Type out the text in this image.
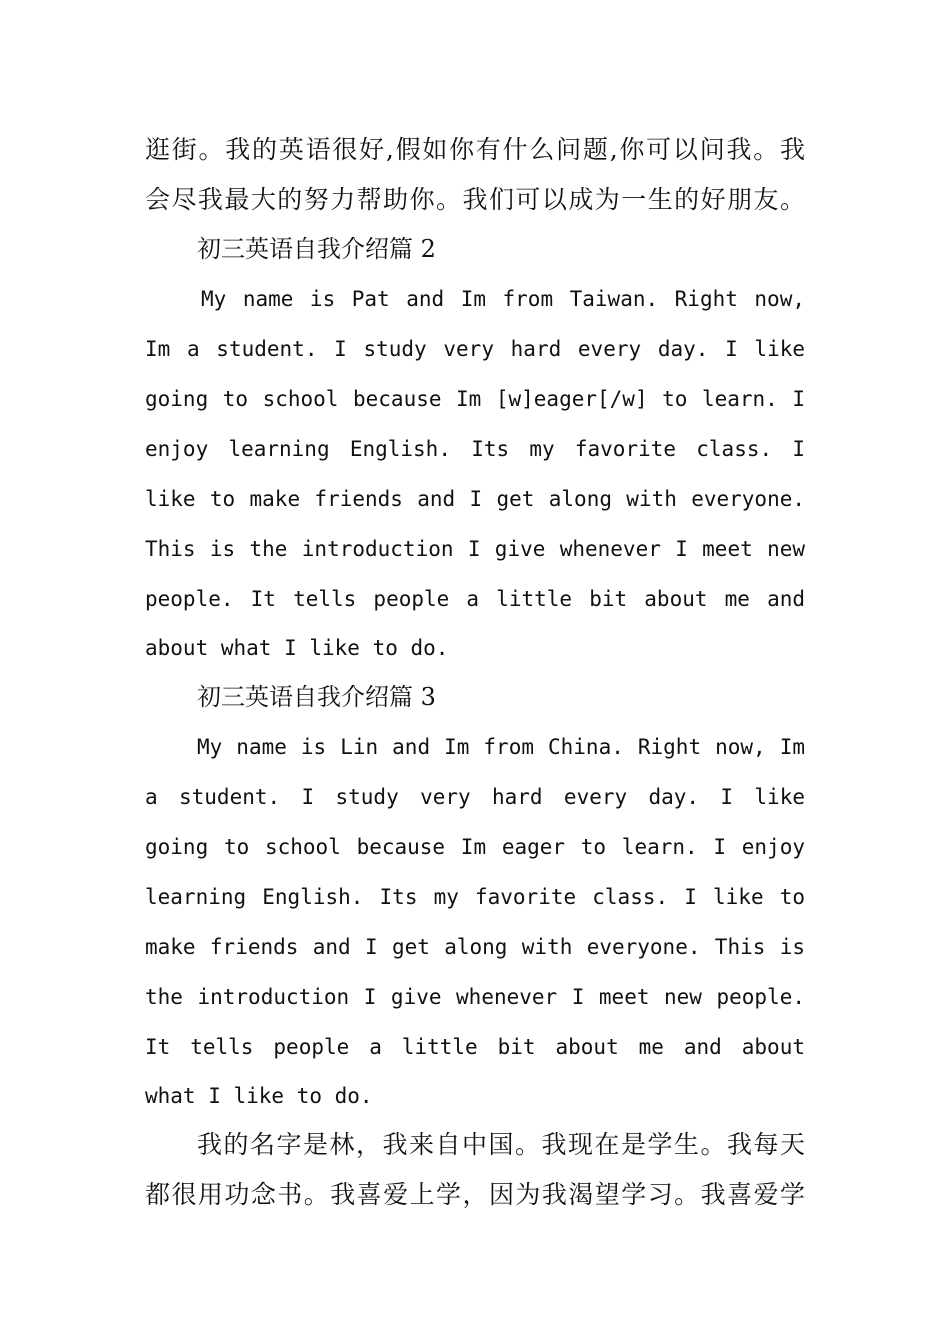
逛街。我的英语很好,假如你有什么问题,你可以问我。我
会尽我最大的努力帮助你。我们可以成为一生的好朋友。
初三英语自我介绍篇 2
My name is Pat and Im from Taiwan. Right now,
Im a student. I study very hard every day. I like
going to school because Im [w]eager[/w] to learn. I
enjoy learning English. Its my favorite class. I
like to make friends and I get along with everyone.
This is the introduction I give whenever I meet new
people. It tells people a little bit about me and
about what I like to do.
初三英语自我介绍篇 3
My name is Lin and Im from China. Right now, Im
a student. I study very hard every day. I like
going to school because Im eager to learn. I enjoy
learning English. Its my favorite class. I like to
make friends and I get along with everyone. This is
the introduction I give whenever I meet new people.
It tells people a little bit about me and about
what I like to do.
我的名字是林，我来自中国。我现在是学生。我每天
都很用功念书。我喜爱上学，因为我渴望学习。我喜爱学
